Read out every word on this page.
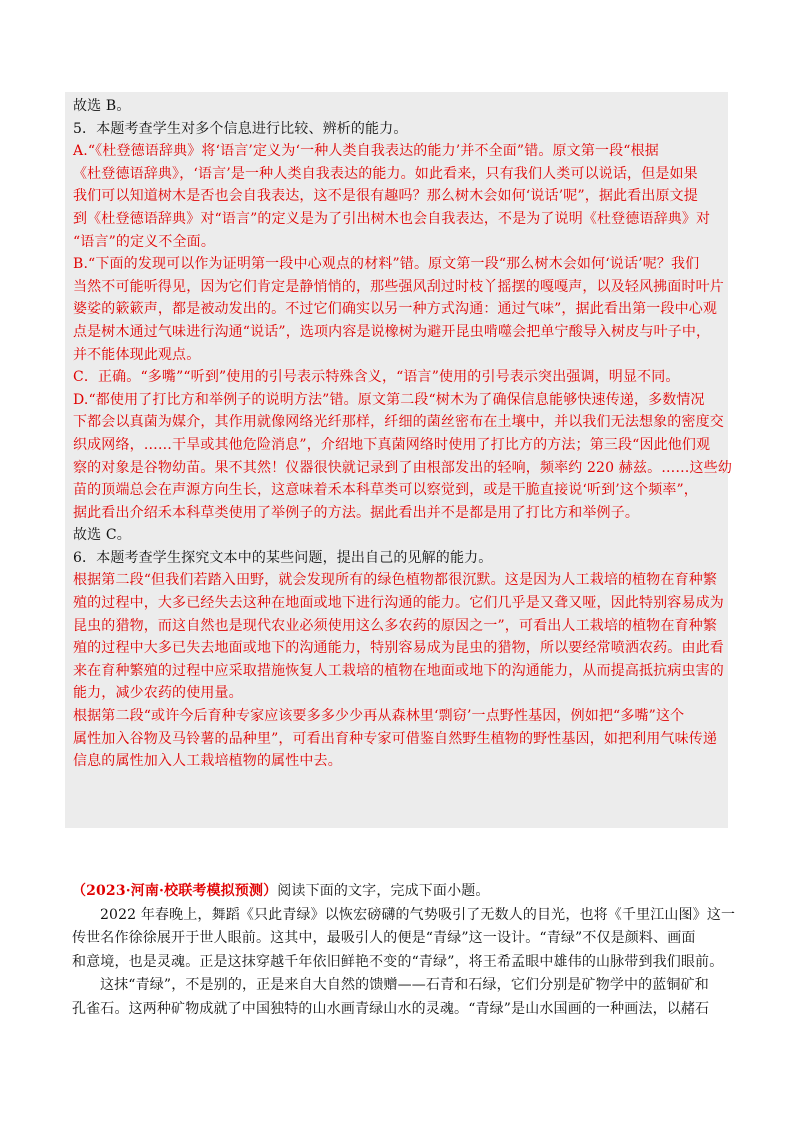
故选 B。
5．本题考查学生对多个信息进行比较、辨析的能力。
A.“《杜登德语辞典》将‘语言’定义为‘一种人类自我表达的能力’并不全面”错。原文第一段“根据
《杜登德语辞典》，‘语言’是一种人类自我表达的能力。如此看来，只有我们人类可以说话，但是如果
我们可以知道树木是否也会自我表达，这不是很有趣吗？那么树木会如何‘说话’呢”，据此看出原文提
到《杜登德语辞典》对“语言”的定义是为了引出树木也会自我表达，不是为了说明《杜登德语辞典》对
“语言”的定义不全面。
B.“下面的发现可以作为证明第一段中心观点的材料”错。原文第一段“那么树木会如何‘说话’呢？我们
当然不可能听得见，因为它们肯定是静悄悄的，那些强风刮过时枝丫摇摆的嘎嘎声，以及轻风拂面时叶片
婆娑的簌簌声，都是被动发出的。不过它们确实以另一种方式沟通：通过气味”，据此看出第一段中心观
点是树木通过气味进行沟通“说话”，选项内容是说橡树为避开昆虫啃噬会把单宁酸导入树皮与叶子中，
并不能体现此观点。
C．正确。“多嘴”“听到”使用的引号表示特殊含义，“语言”使用的引号表示突出强调，明显不同。
D.“都使用了打比方和举例子的说明方法”错。原文第二段“树木为了确保信息能够快速传递，多数情况
下都会以真菌为媒介，其作用就像网络光纤那样，纤细的菌丝密布在土壤中，并以我们无法想象的密度交
织成网络，……干旱或其他危险消息”，介绍地下真菌网络时使用了打比方的方法；第三段“因此他们观
察的对象是谷物幼苗。果不其然！仪器很快就记录到了由根部发出的轻响，频率约 220 赫兹。……这些幼
苗的顶端总会在声源方向生长，这意味着禾本科草类可以察觉到，或是干脆直接说‘听到’这个频率”，
据此看出介绍禾本科草类使用了举例子的方法。据此看出并不是都是用了打比方和举例子。
故选 C。
6．本题考查学生探究文本中的某些问题，提出自己的见解的能力。
根据第二段“但我们若踏入田野，就会发现所有的绿色植物都很沉默。这是因为人工栽培的植物在育种繁
殖的过程中，大多已经失去这种在地面或地下进行沟通的能力。它们几乎是又聋又哑，因此特别容易成为
昆虫的猎物，而这自然也是现代农业必须使用这么多农药的原因之一”，可看出人工栽培的植物在育种繁
殖的过程中大多已失去地面或地下的沟通能力，特别容易成为昆虫的猎物，所以要经常喷洒农药。由此看
来在育种繁殖的过程中应采取措施恢复人工栽培的植物在地面或地下的沟通能力，从而提高抵抗病虫害的
能力，减少农药的使用量。
根据第二段“或许今后育种专家应该要多多少少再从森林里‘剽窃’一点野性基因，例如把“多嘴”这个
属性加入谷物及马铃薯的品种里”，可看出育种专家可借鉴自然野生植物的野性基因，如把利用气味传递
信息的属性加入人工栽培植物的属性中去。
（2023·河南·校联考模拟预测）阅读下面的文字，完成下面小题。
2022 年春晚上，舞蹈《只此青绿》以恢宏磅礴的气势吸引了无数人的目光，也将《千里江山图》这一
传世名作徐徐展开于世人眼前。这其中，最吸引人的便是“青绿”这一设计。“青绿”不仅是颜料、画面
和意境，也是灵魂。正是这抹穿越千年依旧鲜艳不变的“青绿”，将王希孟眼中雄伟的山脉带到我们眼前。
这抹“青绿”，不是别的，正是来自大自然的馈赠——石青和石绿，它们分别是矿物学中的蓝铜矿和
孔雀石。这两种矿物成就了中国独特的山水画青绿山水的灵魂。“青绿”是山水国画的一种画法，以赭石
